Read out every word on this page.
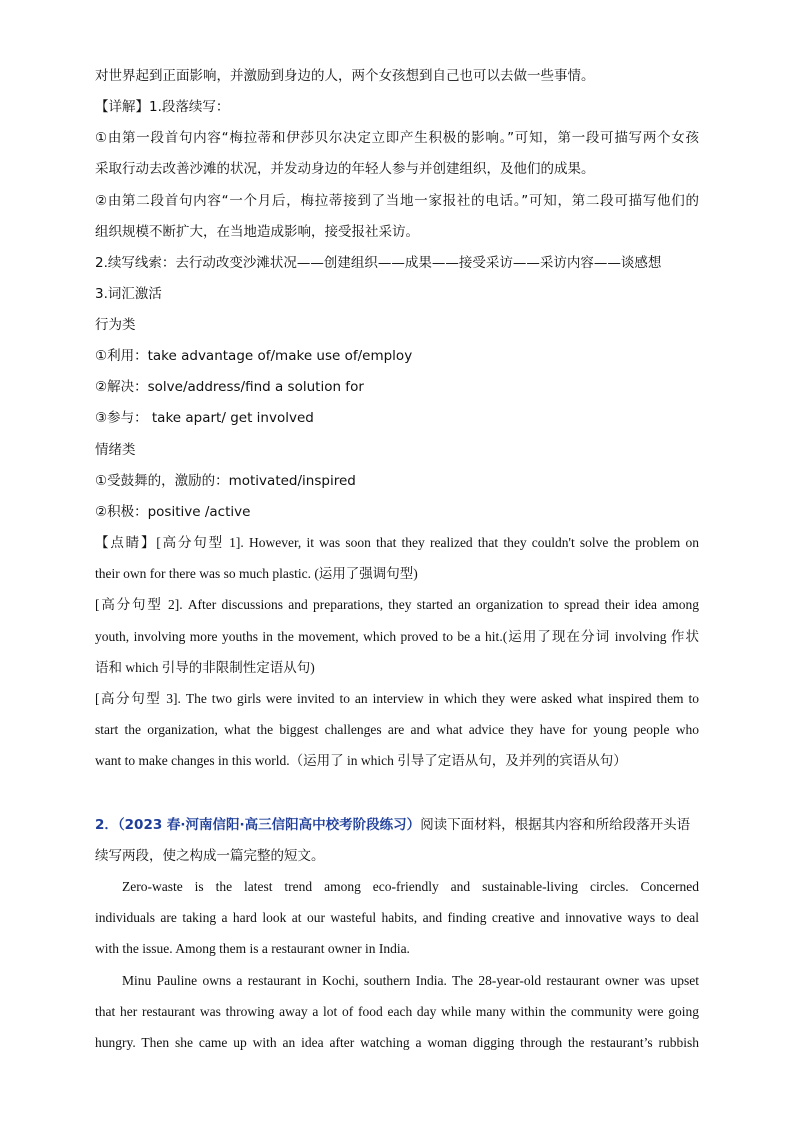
对世界起到正面影响，并激励到身边的人，两个女孩想到自己也可以去做一些事情。

【详解】1.段落续写：

①由第一段首句内容“梅拉蒂和伊莎贝尔决定立即产生积极的影响。”可知，第一段可描写两个女孩

采取行动去改善沙滩的状况，并发动身边的年轻人参与并创建组织，及他们的成果。

②由第二段首句内容“一个月后，梅拉蒂接到了当地一家报社的电话。”可知，第二段可描写他们的

组织规模不断扩大，在当地造成影响，接受报社采访。

2.续写线索：去行动改变沙滩状况——创建组织——成果——接受采访——采访内容——谈感想

3.词汇激活

行为类

①利用：take advantage of/make use of/employ

②解决：solve/address/find a solution for

③参与： take apart/ get involved

情绪类

①受鼓舞的，激励的：motivated/inspired

②积极：positive /active

【点睛】[高分句型 1]. However, it was soon that they realized that they couldn't solve the problem on

their own for there was so much plastic. (运用了强调句型)

[高分句型 2]. After discussions and preparations, they started an organization to spread their idea among

youth, involving more youths in the movement, which proved to be a hit.(运用了现在分词 involving 作状

语和 which 引导的非限制性定语从句)

[高分句型 3]. The two girls were invited to an interview in which they were asked what inspired them to

start the organization, what the biggest challenges are and what advice they have for young people who

want to make changes in this world.（运用了 in which 引导了定语从句，及并列的宾语从句）

2．（2023 春·河南信阳·高三信阳高中校考阶段练习）阅读下面材料，根据其内容和所给段落开头语

续写两段，使之构成一篇完整的短文。

Zero-waste is the latest trend among eco-friendly and sustainable-living circles. Concerned

individuals are taking a hard look at our wasteful habits, and finding creative and innovative ways to deal

with the issue. Among them is a restaurant owner in India.

Minu Pauline owns a restaurant in Kochi, southern India. The 28-year-old restaurant owner was upset

that her restaurant was throwing away a lot of food each day while many within the community were going

hungry. Then she came up with an idea after watching a woman digging through the restaurant’s rubbish
